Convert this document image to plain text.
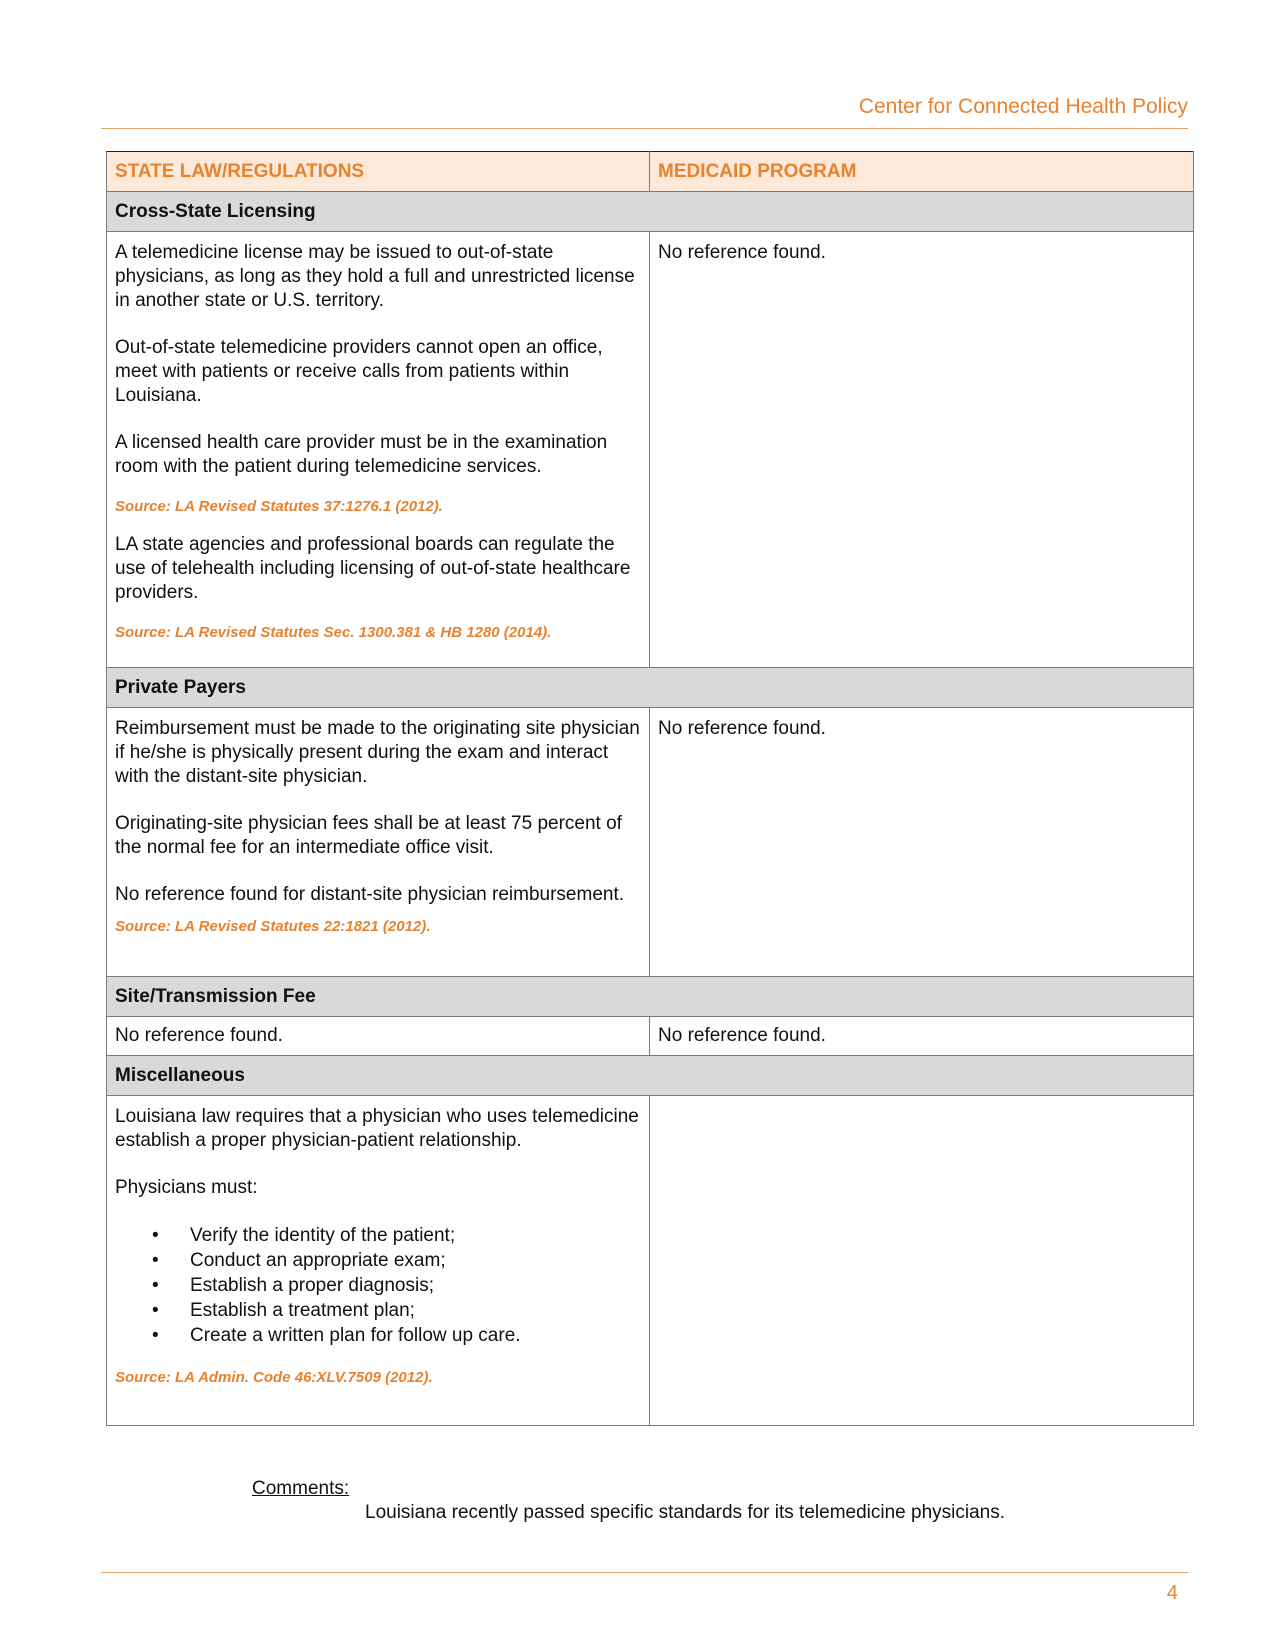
Center for Connected Health Policy
STATE LAW/REGULATIONS	MEDICAID PROGRAM
Cross-State Licensing	

A telemedicine license may be issued to out-of-state physicians, as long as they hold a full and unrestricted license in another state or U.S. territory.

Out-of-state telemedicine providers cannot open an office, meet with patients or receive calls from patients within Louisiana.

A licensed health care provider must be in the examination room with the patient during telemedicine services.

Source: LA Revised Statutes 37:1276.1 (2012).

LA state agencies and professional boards can regulate the use of telehealth including licensing of out-of-state healthcare providers.

Source: LA Revised Statutes Sec. 1300.381 & HB 1280 (2014).

	No reference found.
Private Payers	

Reimbursement must be made to the originating site physician if he/she is physically present during the exam and interact with the distant-site physician.

Originating-site physician fees shall be at least 75 percent of the normal fee for an intermediate office visit.

No reference found for distant-site physician reimbursement.

Source: LA Revised Statutes 22:1821 (2012).	No reference found.
Site/Transmission Fee	
No reference found.	No reference found.
Miscellaneous	

Louisiana law requires that a physician who uses telemedicine establish a proper physician-patient relationship.

Physicians must:

• Verify the identity of the patient;
• Conduct an appropriate exam;
• Establish a proper diagnosis;
• Establish a treatment plan;
• Create a written plan for follow up care.

Source: LA Admin. Code 46:XLV.7509 (2012).

Comments:
Louisiana recently passed specific standards for its telemedicine physicians.
4
